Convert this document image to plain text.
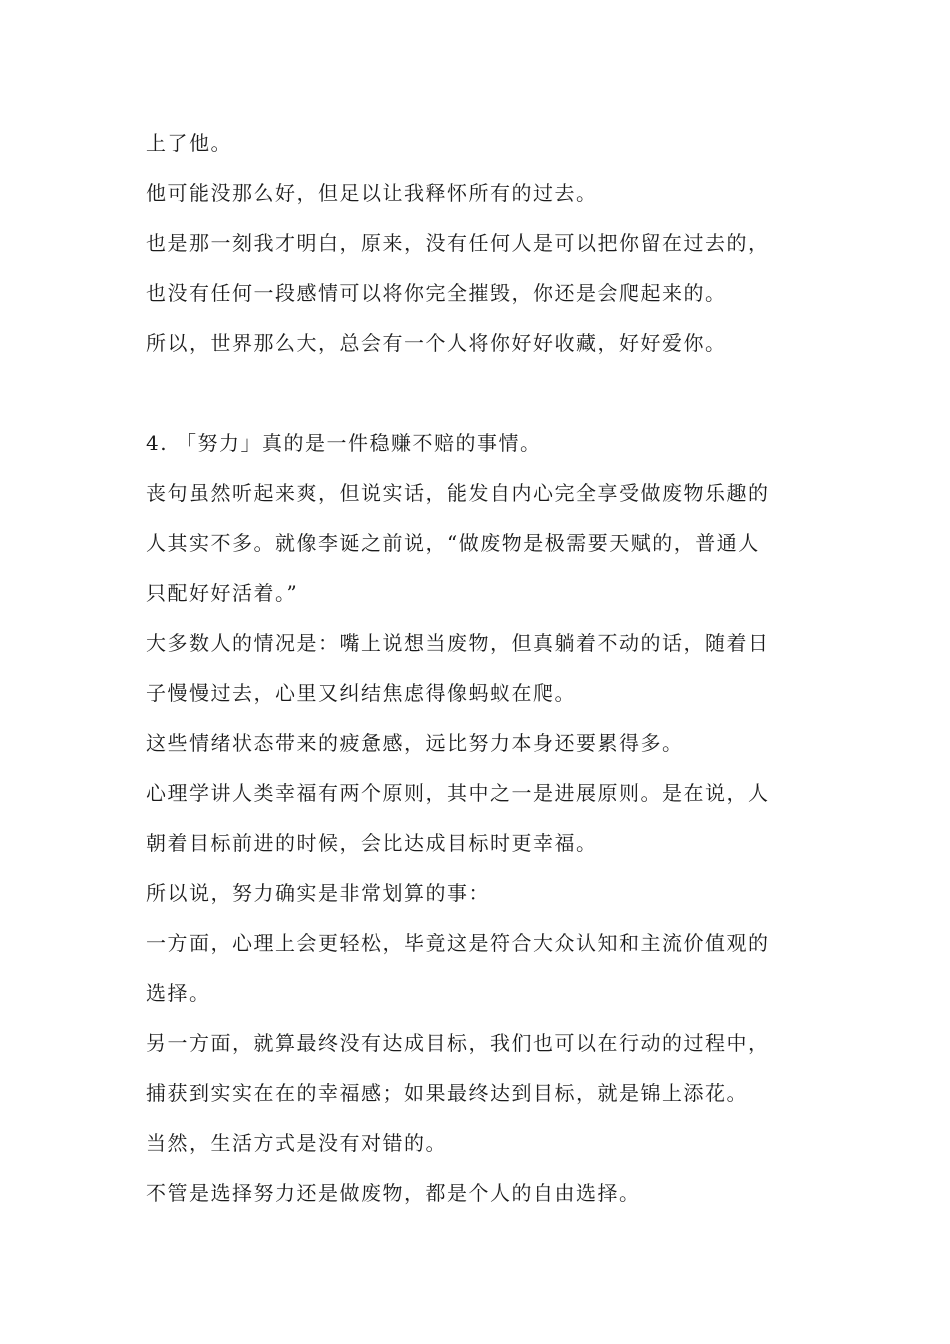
上了他。

他可能没那么好，但足以让我释怀所有的过去。

也是那一刻我才明白，原来，没有任何人是可以把你留在过去的，

也没有任何一段感情可以将你完全摧毁，你还是会爬起来的。

所以，世界那么大，总会有一个人将你好好收藏，好好爱你。

4. 「努力」真的是一件稳赚不赔的事情。

丧句虽然听起来爽，但说实话，能发自内心完全享受做废物乐趣的

人其实不多。就像李诞之前说，“做废物是极需要天赋的，普通人

只配好好活着。”

大多数人的情况是：嘴上说想当废物，但真躺着不动的话，随着日

子慢慢过去，心里又纠结焦虑得像蚂蚁在爬。

这些情绪状态带来的疲惫感，远比努力本身还要累得多。

心理学讲人类幸福有两个原则，其中之一是进展原则。是在说，人

朝着目标前进的时候，会比达成目标时更幸福。

所以说，努力确实是非常划算的事：

一方面，心理上会更轻松，毕竟这是符合大众认知和主流价值观的

选择。

另一方面，就算最终没有达成目标，我们也可以在行动的过程中，

捕获到实实在在的幸福感；如果最终达到目标，就是锦上添花。

当然，生活方式是没有对错的。

不管是选择努力还是做废物，都是个人的自由选择。
